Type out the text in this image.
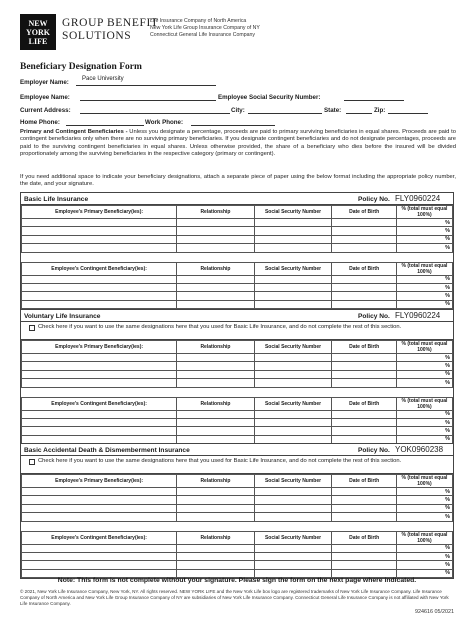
NEW
YORK
LIFE
GROUP BENEFIT
SOLUTIONS
Life Insurance Company of North America
New York Life Group Insurance Company of NY
Connecticut General Life Insurance Company
Beneficiary Designation Form
Employer Name: Pace University
Employee Name:	Employee Social Security Number:
Current Address:	City:	State:	Zip:
Home Phone:	Work Phone:
Primary and Contingent Beneficiaries - Unless you designate a percentage, proceeds are paid to primary surviving beneficiaries in equal shares. Proceeds are paid to contingent beneficiaries only when there are no surviving primary beneficiaries. If you designate contingent beneficiaries and do not designate percentages, proceeds are paid to the surviving contingent beneficiaries in equal shares. Unless otherwise provided, the share of a beneficiary who dies before the insured will be divided proportionately among the surviving beneficiaries in the respective category (primary or contingent).
If you need additional space to indicate your beneficiary designations, attach a separate piece of paper using the below format including the appropriate policy number, the date, and your signature.
Basic Life Insurance	Policy No. FLY0960224
Employee's Primary Beneficiary(ies):	Relationship	Social Security Number	Date of Birth	% (total must equal 100%)
				%
				%
				%
				%

Employee's Contingent Beneficiary(ies):	Relationship	Social Security Number	Date of Birth	% (total must equal 100%)
				%
				%
				%
				%
Voluntary Life Insurance	Policy No. FLY0960224
Check here if you want to use the same designations here that you used for Basic Life Insurance, and do not complete the rest of this section.
Employee's Primary Beneficiary(ies):	Relationship	Social Security Number	Date of Birth	% (total must equal 100%)
				%
				%
				%
				%

Employee's Contingent Beneficiary(ies):	Relationship	Social Security Number	Date of Birth	% (total must equal 100%)
				%
				%
				%
				%
Basic Accidental Death & Dismemberment Insurance	Policy No. YOK0960238
Check here if you want to use the same designations here that you used for Basic Life Insurance, and do not complete the rest of this section.
Employee's Primary Beneficiary(ies):	Relationship	Social Security Number	Date of Birth	% (total must equal 100%)
				%
				%
				%
				%

Employee's Contingent Beneficiary(ies):	Relationship	Social Security Number	Date of Birth	% (total must equal 100%)
				%
				%
				%
				%
Note: This form is not complete without your signature. Please sign the form on the next page where indicated.
© 2021, New York Life Insurance Company, New York, NY. All rights reserved. NEW YORK LIFE and the New York Life box logo are registered trademarks of New York Life Insurance Company. Life Insurance Company of North America and New York Life Group Insurance Company of NY are subsidiaries of New York Life Insurance Company. Connecticut General Life Insurance Company is not affiliated with New York Life Insurance Company.
924616 05/2021
